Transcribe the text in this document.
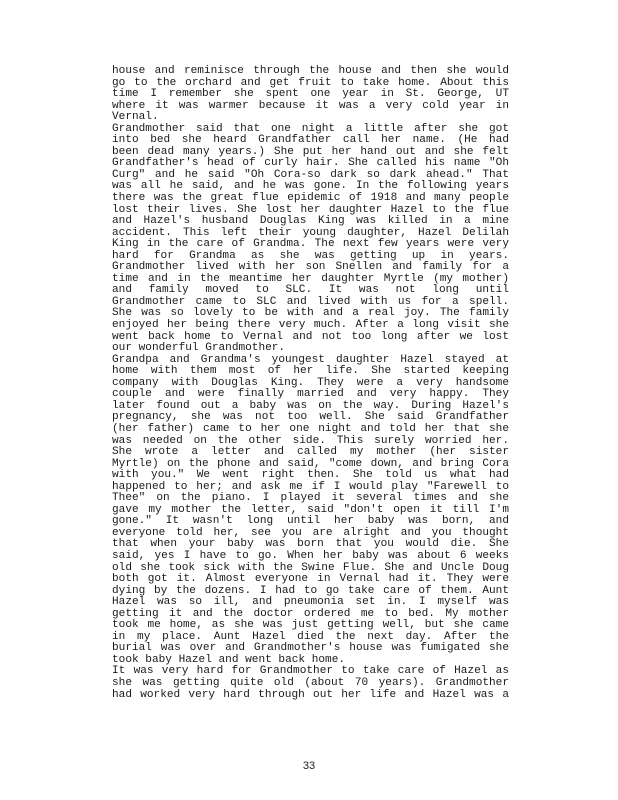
house and reminisce through the house and then she would
go to the orchard and get fruit to take home. About this
time I remember she spent one year in St. George, UT
where it was warmer because it was a very cold year in
Vernal.
Grandmother said that one night a little after she got
into bed she heard Grandfather call her name. (He had
been dead many years.) She put her hand out and she felt
Grandfather's head of curly hair. She called his name "Oh
Curg" and he said "Oh Cora-so dark so dark ahead." That
was all he said, and he was gone. In the following years
there was the great flue epidemic of 1918 and many people
lost their lives. She lost her daughter Hazel to the flue
and Hazel's husband Douglas King was killed in a mine
accident. This left their young daughter, Hazel Delilah
King in the care of Grandma. The next few years were very
hard for Grandma as she was getting up in years.
Grandmother lived with her son Snellen and family for a
time and in the meantime her daughter Myrtle (my mother)
and family moved to SLC. It was not long until
Grandmother came to SLC and lived with us for a spell.
She was so lovely to be with and a real joy. The family
enjoyed her being there very much. After a long visit she
went back home to Vernal and not too long after we lost
our wonderful Grandmother.
Grandpa and Grandma's youngest daughter Hazel stayed at
home with them most of her life. She started keeping
company with Douglas King. They were a very handsome
couple and were finally married and very happy. They
later found out a baby was on the way. During Hazel's
pregnancy, she was not too well. She said Grandfather
(her father) came to her one night and told her that she
was needed on the other side. This surely worried her.
She wrote a letter and called my mother (her sister
Myrtle) on the phone and said, "come down, and bring Cora
with you." We went right then. She told us what had
happened to her; and ask me if I would play "Farewell to
Thee" on the piano. I played it several times and she
gave my mother the letter, said "don't open it till I'm
gone." It wasn't long until her baby was born, and
everyone told her, see you are alright and you thought
that when your baby was born that you would die. She
said, yes I have to go. When her baby was about 6 weeks
old she took sick with the Swine Flue. She and Uncle Doug
both got it. Almost everyone in Vernal had it. They were
dying by the dozens. I had to go take care of them. Aunt
Hazel was so ill, and pneumonia set in. I myself was
getting it and the doctor ordered me to bed. My mother
took me home, as she was just getting well, but she came
in my place. Aunt Hazel died the next day. After the
burial was over and Grandmother's house was fumigated she
took baby Hazel and went back home.
It was very hard for Grandmother to take care of Hazel as
she was getting quite old (about 70 years). Grandmother
had worked very hard through out her life and Hazel was a
33
